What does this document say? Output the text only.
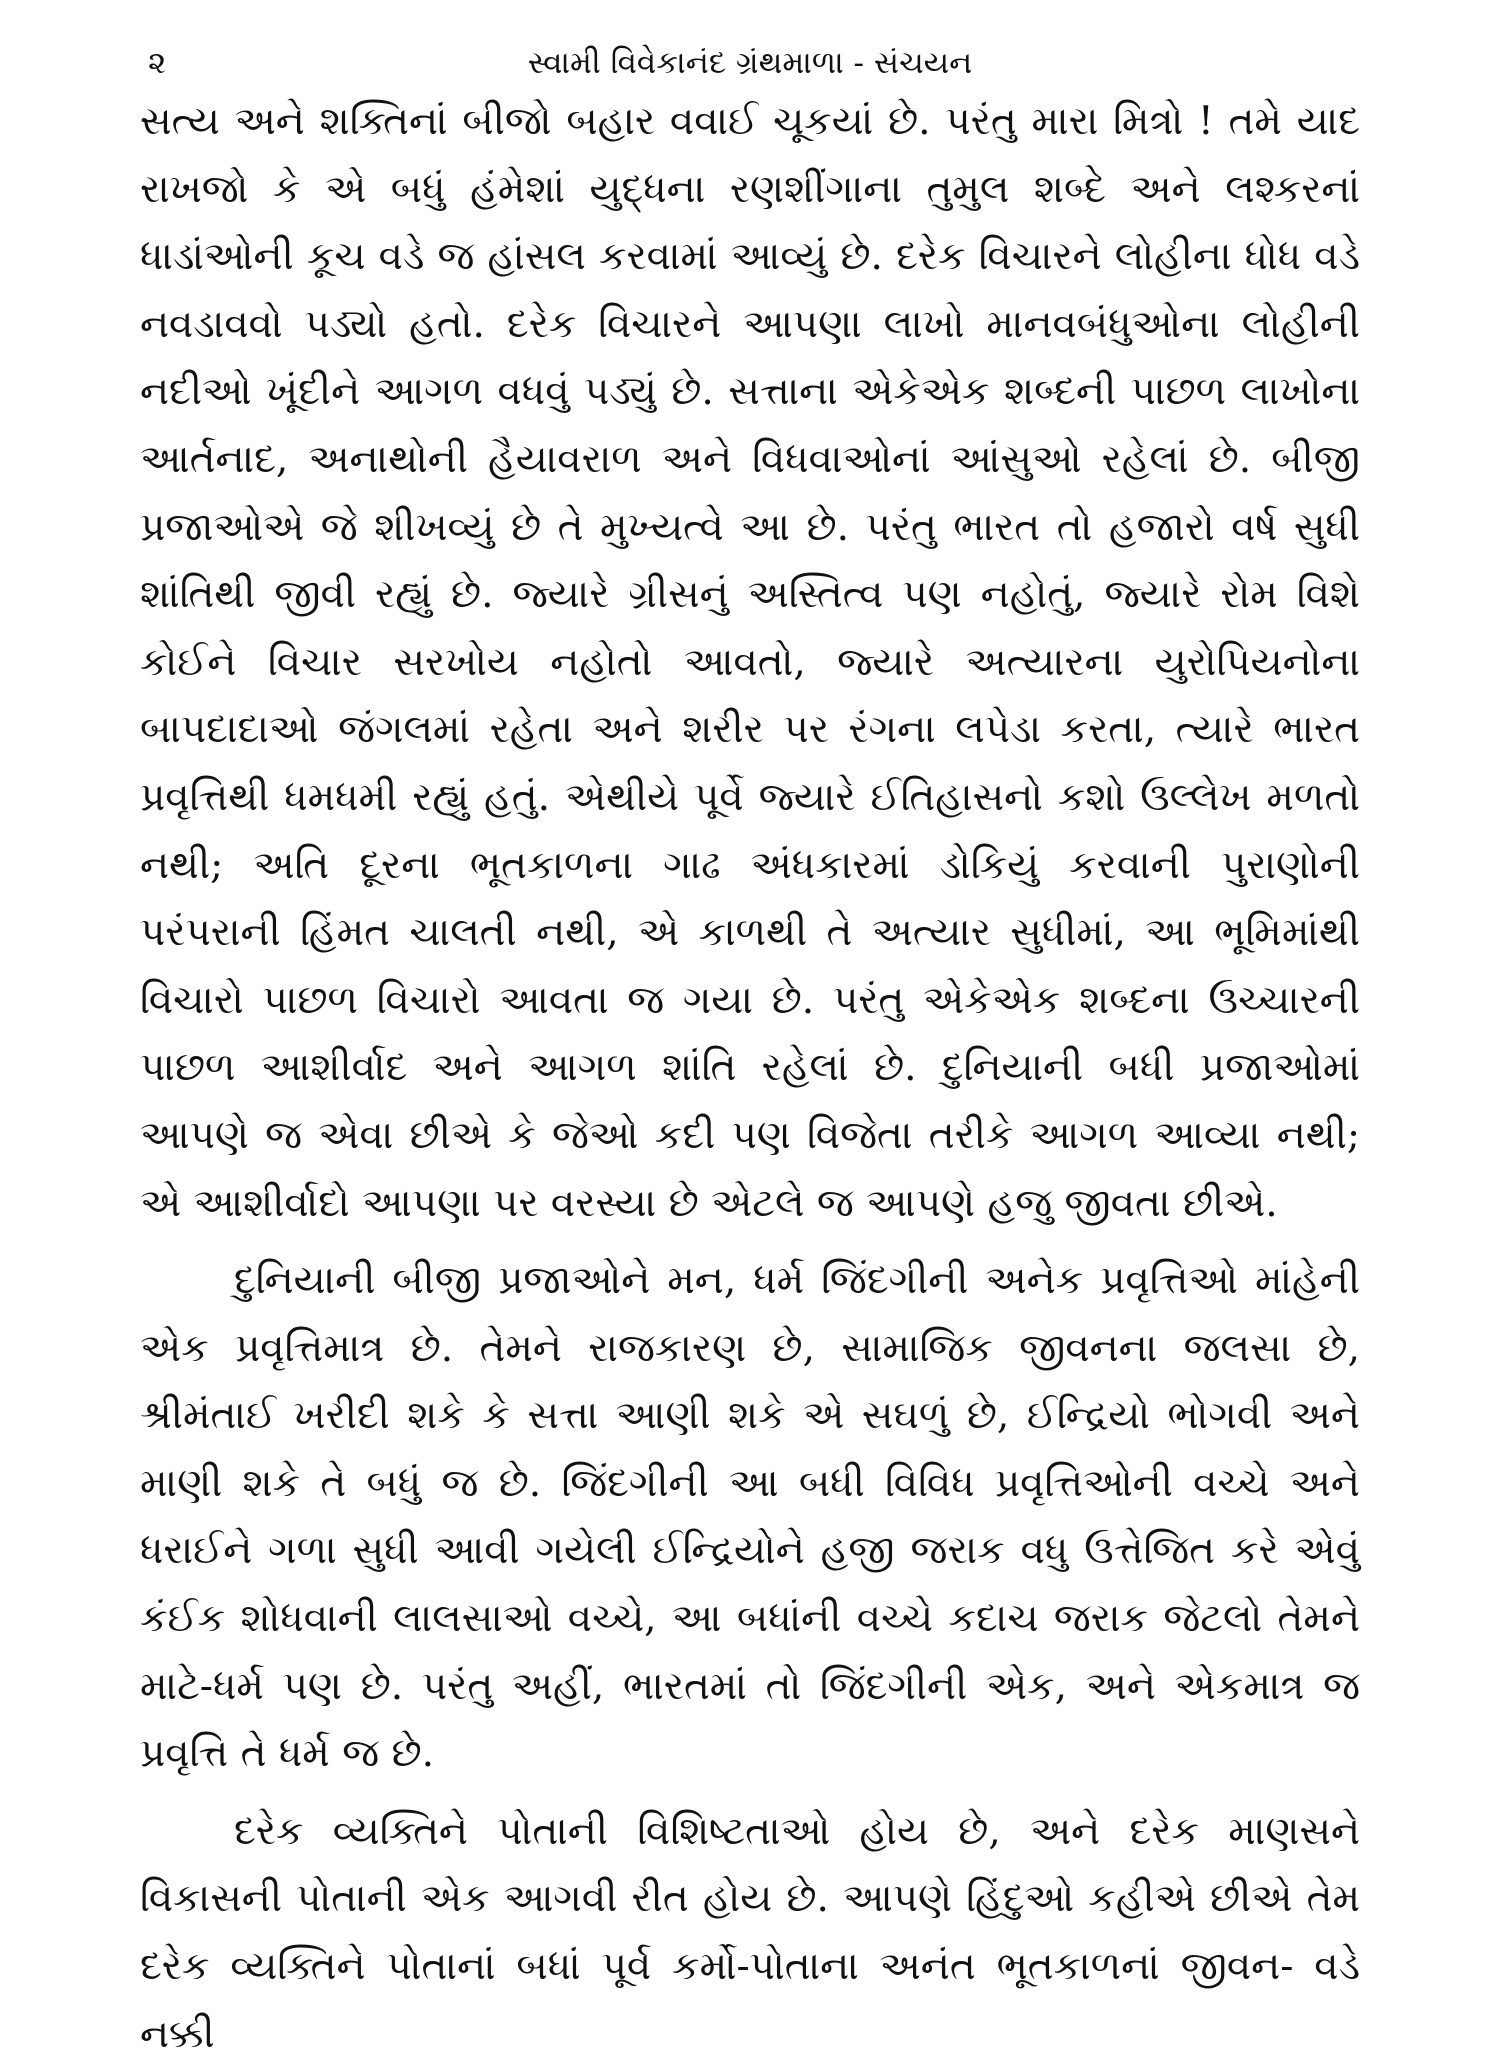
૨	સ્વામી વિવેકાનંદ ગ્રંથમાળા - સંચયન

સત્ય અને શક્તિનાં બીજો બહાર વવાઈ ચૂકયાં છે. પરંતુ મારા મિત્રો ! તમે યાદ રાખજો કે એ બધું હંમેશાં યુદ્ધના રણશીંગાના તુમુલ શબ્દે અને લશ્કરનાં ધાડાંઓની કૂચ વડે જ હાંસલ કરવામાં આવ્યું છે. દરેક વિચારને લોહીના ધોધ વડે નવડાવવો પડ્યો હતો. દરેક વિચારને આપણા લાખો માનવબંધુઓના લોહીની નદીઓ ખૂંદીને આગળ વધવું પડ્યું છે. સત્તાના એકેએક શબ્દની પાછળ લાખોના આર્તનાદ, અનાથોની હૈયાવરાળ અને વિધવાઓનાં આંસુઓ રહેલાં છે. બીજી પ્રજાઓએ જે શીખવ્યું છે તે મુખ્યત્વે આ છે. પરંતુ ભારત તો હજારો વર્ષ સુધી શાંતિથી જીવી રહ્યું છે. જ્યારે ગ્રીસનું અસ્તિત્વ પણ નહોતું, જ્યારે રોમ વિશે કોઈને વિચાર સરખોય નહોતો આવતો, જ્યારે અત્યારના યુરોપિયનોના બાપદાદાઓ જંગલમાં રહેતા અને શરીર પર રંગના લપેડા કરતા, ત્યારે ભારત પ્રવૃત્તિથી ધમધમી રહ્યું હતું. એથીયે પૂર્વે જ્યારે ઈતિહાસનો કશો ઉલ્લેખ મળતો નથી; અતિ દૂરના ભૂતકાળના ગાઢ અંધકારમાં ડોકિયું કરવાની પુરાણોની પરંપરાની હિંમત ચાલતી નથી, એ કાળથી તે અત્યાર સુધીમાં, આ ભૂમિમાંથી વિચારો પાછળ વિચારો આવતા જ ગયા છે. પરંતુ એકેએક શબ્દના ઉચ્ચારની પાછળ આશીર્વાદ અને આગળ શાંતિ રહેલાં છે. દુનિયાની બધી પ્રજાઓમાં આપણે જ એવા છીએ કે જેઓ કદી પણ વિજેતા તરીકે આગળ આવ્યા નથી; એ આશીર્વાદો આપણા પર વરસ્યા છે એટલે જ આપણે હજુ જીવતા છીએ.

દુનિયાની બીજી પ્રજાઓને મન, ધર્મ જિંદગીની અનેક પ્રવૃત્તિઓ માંહેની એક પ્રવૃત્તિમાત્ર છે. તેમને રાજકારણ છે, સામાજિક જીવનના જલસા છે, શ્રીમંતાઈ ખરીદી શકે કે સત્તા આણી શકે એ સઘળું છે, ઈન્દ્રિયો ભોગવી અને માણી શકે તે બધું જ છે. જિંદગીની આ બધી વિવિધ પ્રવૃત્તિઓની વચ્ચે અને ધરાઈને ગળા સુધી આવી ગયેલી ઈન્દ્રિયોને હજી જરાક વધુ ઉત્તેજિત કરે એવું કંઈક શોધવાની લાલસાઓ વચ્ચે, આ બધાંની વચ્ચે કદાચ જરાક જેટલો તેમને માટે-ધર્મ પણ છે. પરંતુ અહીં, ભારતમાં તો જિંદગીની એક, અને એકમાત્ર જ પ્રવૃત્તિ તે ધર્મ જ છે.

દરેક વ્યક્તિને પોતાની વિશિષ્ટતાઓ હોય છે, અને દરેક માણસને વિકાસની પોતાની એક આગવી રીત હોય છે. આપણે હિંદુઓ કહીએ છીએ તેમ દરેક વ્યક્તિને પોતાનાં બધાં પૂર્વ કર્મો-પોતાના અનંત ભૂતકાળનાં જીવન- વડે નક્કી
